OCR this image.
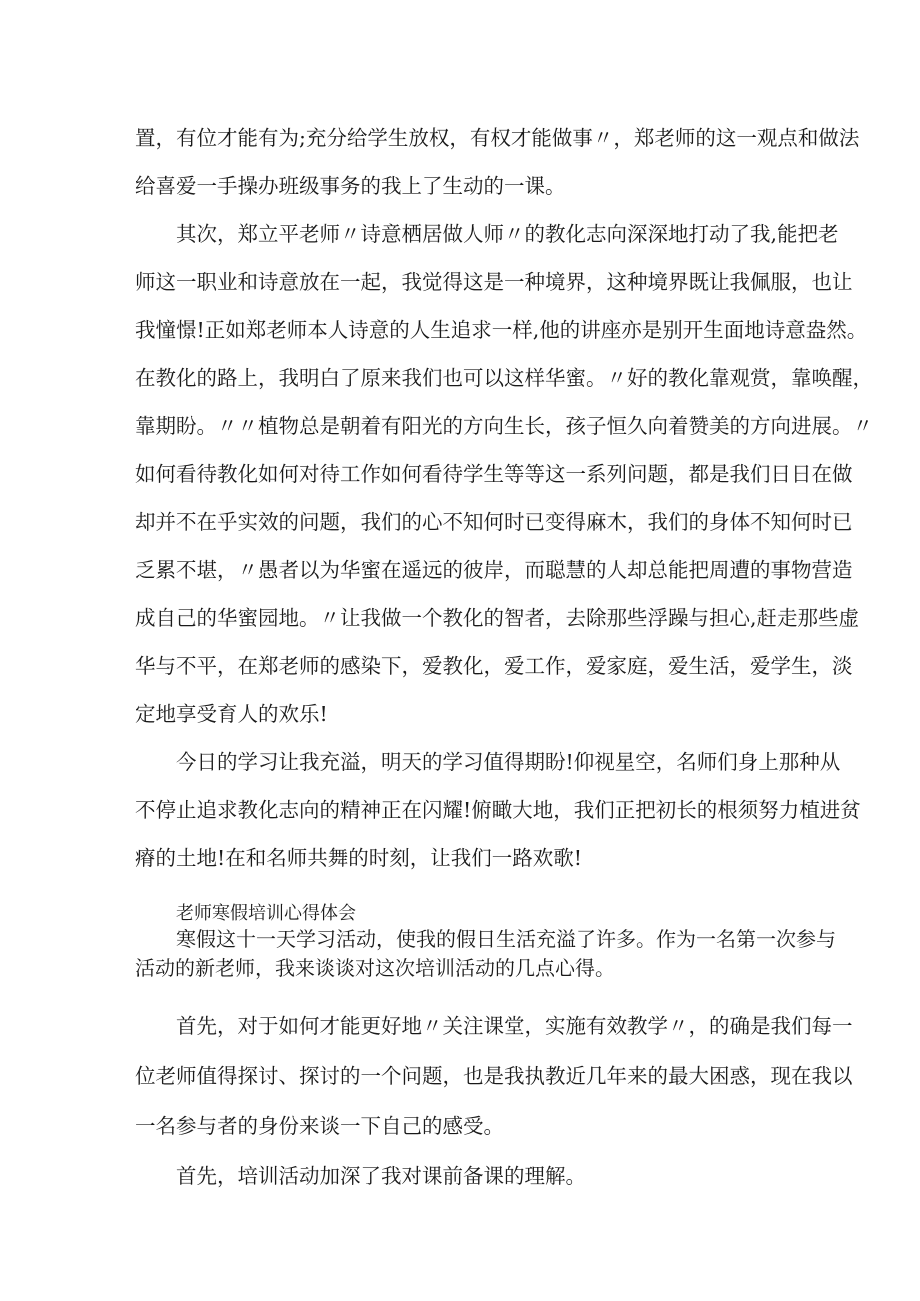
置，有位才能有为;充分给学生放权，有权才能做事〃，郑老师的这一观点和做法
给喜爱一手操办班级事务的我上了生动的一课。
其次，郑立平老师〃诗意栖居做人师〃的教化志向深深地打动了我,能把老
师这一职业和诗意放在一起，我觉得这是一种境界，这种境界既让我佩服，也让
我憧憬!正如郑老师本人诗意的人生追求一样,他的讲座亦是别开生面地诗意盎然。
在教化的路上，我明白了原来我们也可以这样华蜜。〃好的教化靠观赏，靠唤醒，
靠期盼。〃〃植物总是朝着有阳光的方向生长，孩子恒久向着赞美的方向进展。〃
如何看待教化如何对待工作如何看待学生等等这一系列问题，都是我们日日在做
却并不在乎实效的问题，我们的心不知何时已变得麻木，我们的身体不知何时已
乏累不堪，〃愚者以为华蜜在遥远的彼岸，而聪慧的人却总能把周遭的事物营造
成自己的华蜜园地。〃让我做一个教化的智者，去除那些浮躁与担心,赶走那些虚
华与不平，在郑老师的感染下，爱教化，爱工作，爱家庭，爱生活，爱学生，淡
定地享受育人的欢乐!
今日的学习让我充溢，明天的学习值得期盼!仰视星空，名师们身上那种从
不停止追求教化志向的精神正在闪耀!俯瞰大地，我们正把初长的根须努力植进贫
瘠的土地!在和名师共舞的时刻，让我们一路欢歌!
老师寒假培训心得体会
寒假这十一天学习活动，使我的假日生活充溢了许多。作为一名第一次参与
活动的新老师，我来谈谈对这次培训活动的几点心得。
首先，对于如何才能更好地〃关注课堂，实施有效教学〃，的确是我们每一
位老师值得探讨、探讨的一个问题，也是我执教近几年来的最大困惑，现在我以
一名参与者的身份来谈一下自己的感受。
首先，培训活动加深了我对课前备课的理解。
